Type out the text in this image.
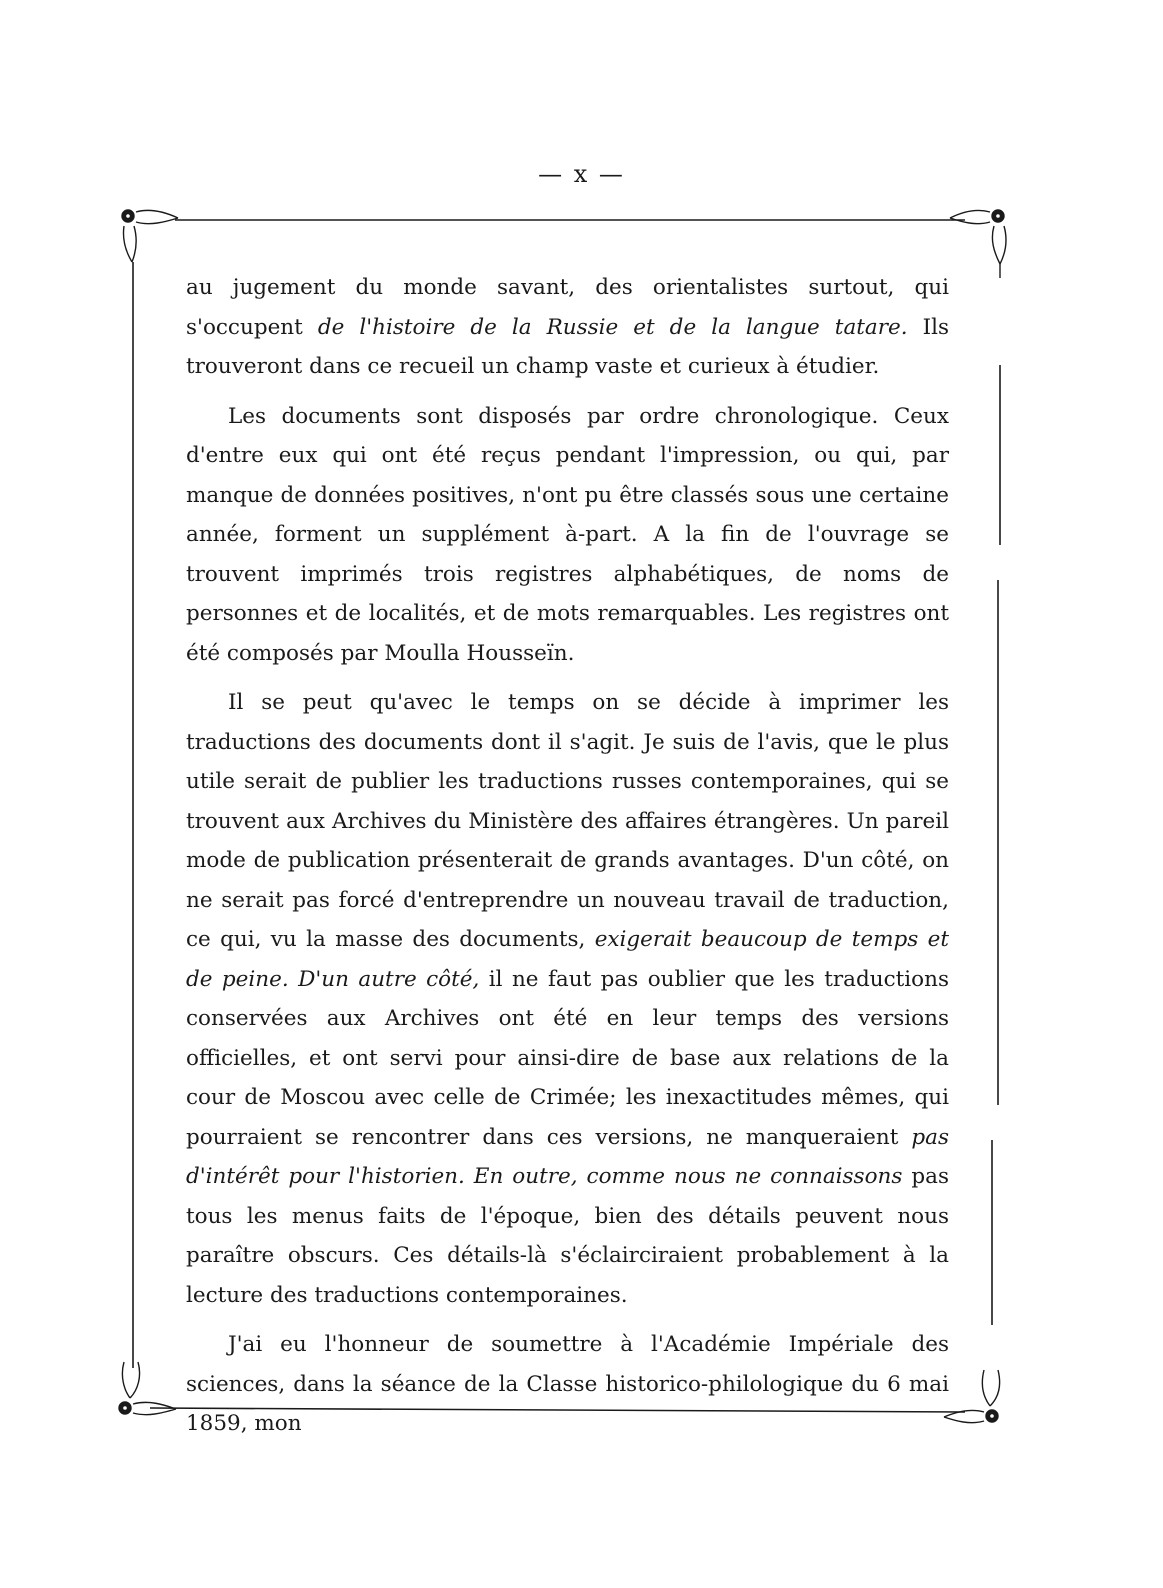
— x —

au jugement du monde savant, des orientalistes surtout, qui s'occupent de l'histoire de la Russie et de la langue tatare. Ils trouveront dans ce recueil un champ vaste et curieux à étudier.

Les documents sont disposés par ordre chronologique. Ceux d'entre eux qui ont été reçus pendant l'impression, ou qui, par manque de données positives, n'ont pu être classés sous une certaine année, forment un supplément à-part. A la fin de l'ouvrage se trouvent imprimés trois registres alphabétiques, de noms de personnes et de localités, et de mots remarquables. Les registres ont été composés par Moulla Housseïn.

Il se peut qu'avec le temps on se décide à imprimer les traductions des documents dont il s'agit. Je suis de l'avis, que le plus utile serait de publier les traductions russes contemporaines, qui se trouvent aux Archives du Ministère des affaires étrangères. Un pareil mode de publication présenterait de grands avantages. D'un côté, on ne serait pas forcé d'entreprendre un nouveau travail de traduction, ce qui, vu la masse des documents, exigerait beaucoup de temps et de peine. D'un autre côté, il ne faut pas oublier que les traductions conservées aux Archives ont été en leur temps des versions officielles, et ont servi pour ainsi-dire de base aux relations de la cour de Moscou avec celle de Crimée; les inexactitudes mêmes, qui pourraient se rencontrer dans ces versions, ne manqueraient pas d'intérêt pour l'historien. En outre, comme nous ne connaissons pas tous les menus faits de l'époque, bien des détails peuvent nous paraître obscurs. Ces détails-là s'éclairciraient probablement à la lecture des traductions contemporaines.

J'ai eu l'honneur de soumettre à l'Académie Impériale des sciences, dans la séance de la Classe historico-philologique du 6 mai 1859, mon
